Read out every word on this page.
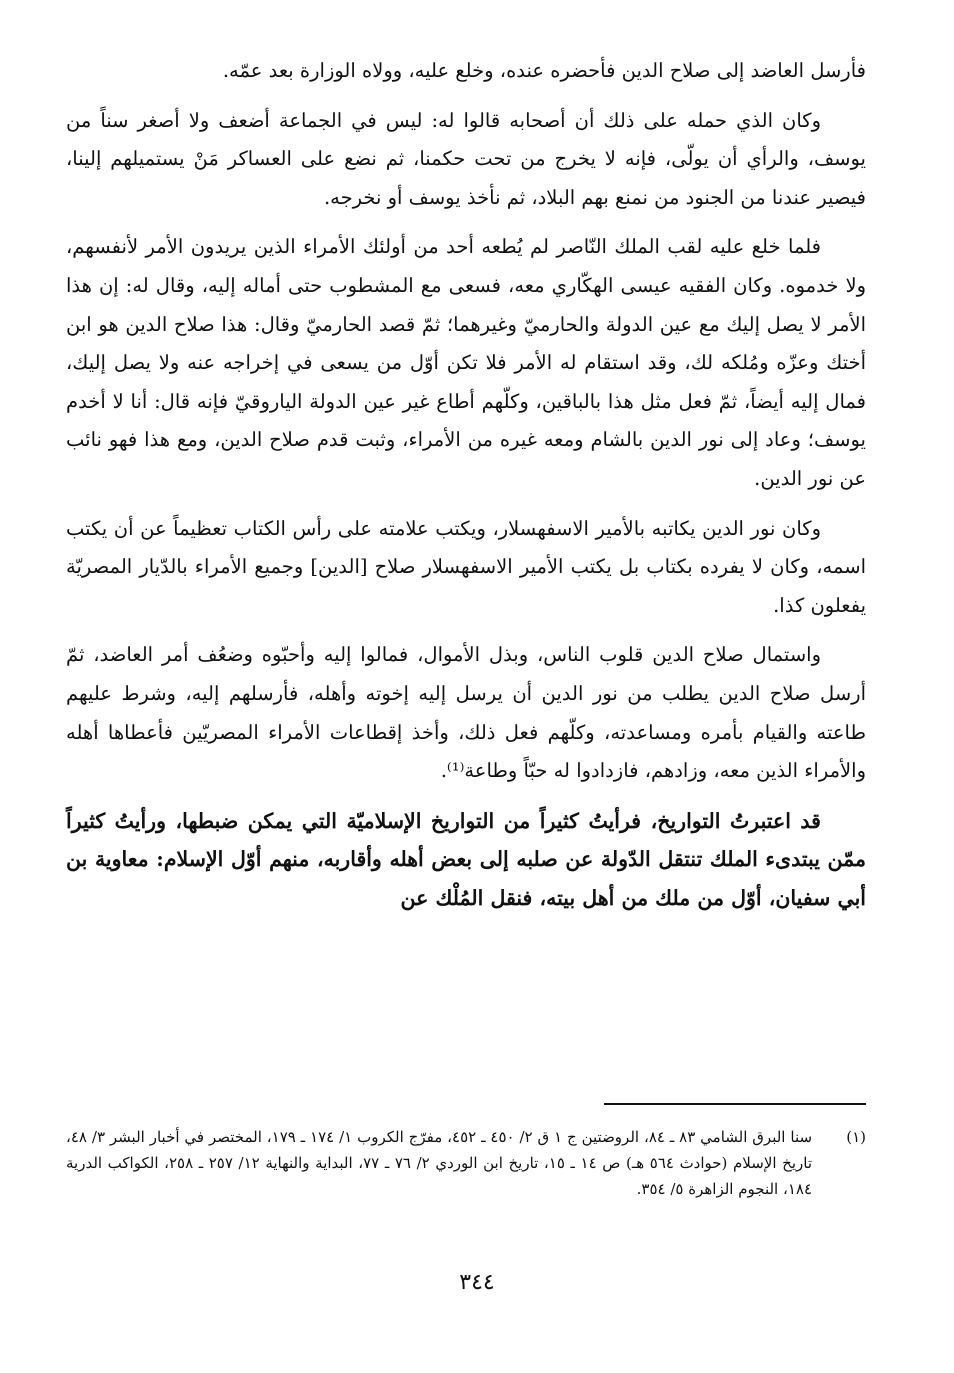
فأرسل العاضد إلى صلاح الدين فأحضره عنده، وخلع عليه، وولاه الوزارة بعد عمّه.

وكان الذي حمله على ذلك أن أصحابه قالوا له: ليس في الجماعة أضعف ولا أصغر سناً من يوسف، والرأي أن يولّى، فإنه لا يخرج من تحت حكمنا، ثم نضع على العساكر مَنْ يستميلهم إلينا، فيصير عندنا من الجنود من نمنع بهم البلاد، ثم نأخذ يوسف أو نخرجه.

فلما خلع عليه لقب الملك النّاصر لم يُطعه أحد من أولئك الأمراء الذين يريدون الأمر لأنفسهم، ولا خدموه. وكان الفقيه عيسى الهكّاري معه، فسعى مع المشطوب حتى أماله إليه، وقال له: إن هذا الأمر لا يصل إليك مع عين الدولة والحارميّ وغيرهما؛ ثمّ قصد الحارميّ وقال: هذا صلاح الدين هو ابن أختك وعزّه ومُلكه لك، وقد استقام له الأمر فلا تكن أوّل من يسعى في إخراجه عنه ولا يصل إليك، فمال إليه أيضاً، ثمّ فعل مثل هذا بالباقين، وكلّهم أطاع غير عين الدولة الياروقيّ فإنه قال: أنا لا أخدم يوسف؛ وعاد إلى نور الدين بالشام ومعه غيره من الأمراء، وثبت قدم صلاح الدين، ومع هذا فهو نائب عن نور الدين.

وكان نور الدين يكاتبه بالأمير الاسفهسلار، ويكتب علامته على رأس الكتاب تعظيماً عن أن يكتب اسمه، وكان لا يفرده بكتاب بل يكتب الأمير الاسفهسلار صلاح [الدين] وجميع الأمراء بالدّيار المصريّة يفعلون كذا.

واستمال صلاح الدين قلوب الناس، وبذل الأموال، فمالوا إليه وأحبّوه وضعُف أمر العاضد، ثمّ أرسل صلاح الدين يطلب من نور الدين أن يرسل إليه إخوته وأهله، فأرسلهم إليه، وشرط عليهم طاعته والقيام بأمره ومساعدته، وكلّهم فعل ذلك، وأخذ إقطاعات الأمراء المصريّين فأعطاها أهله والأمراء الذين معه، وزادهم، فازدادوا له حبّاً وطاعة⁽¹⁾.

قد اعتبرتُ التواريخ، فرأيتُ كثيراً من التواريخ الإسلاميّة التي يمكن ضبطها، ورأيتُ كثيراً ممّن يبتدىء الملك تنتقل الدّولة عن صلبه إلى بعض أهله وأقاربه، منهم أوّل الإسلام: معاوية بن أبي سفيان، أوّل من ملك من أهل بيته، فنقل المُلْك عن

(١)
سنا البرق الشامي ٨٣ ـ ٨٤، الروضتين ج ١ ق ٢/ ٤٥٠ ـ ٤٥٢، مفرّج الكروب ١/ ١٧٤ ـ ١٧٩، المختصر في أخبار البشر ٣/ ٤٨، تاريخ الإسلام (حوادث ٥٦٤ هـ) ص ١٤ ـ ١٥، تاريخ ابن الوردي ٢/ ٧٦ ـ ٧٧، البداية والنهاية ١٢/ ٢٥٧ ـ ٢٥٨، الكواكب الدرية ١٨٤، النجوم الزاهرة ٥/ ٣٥٤.
٣٤٤
